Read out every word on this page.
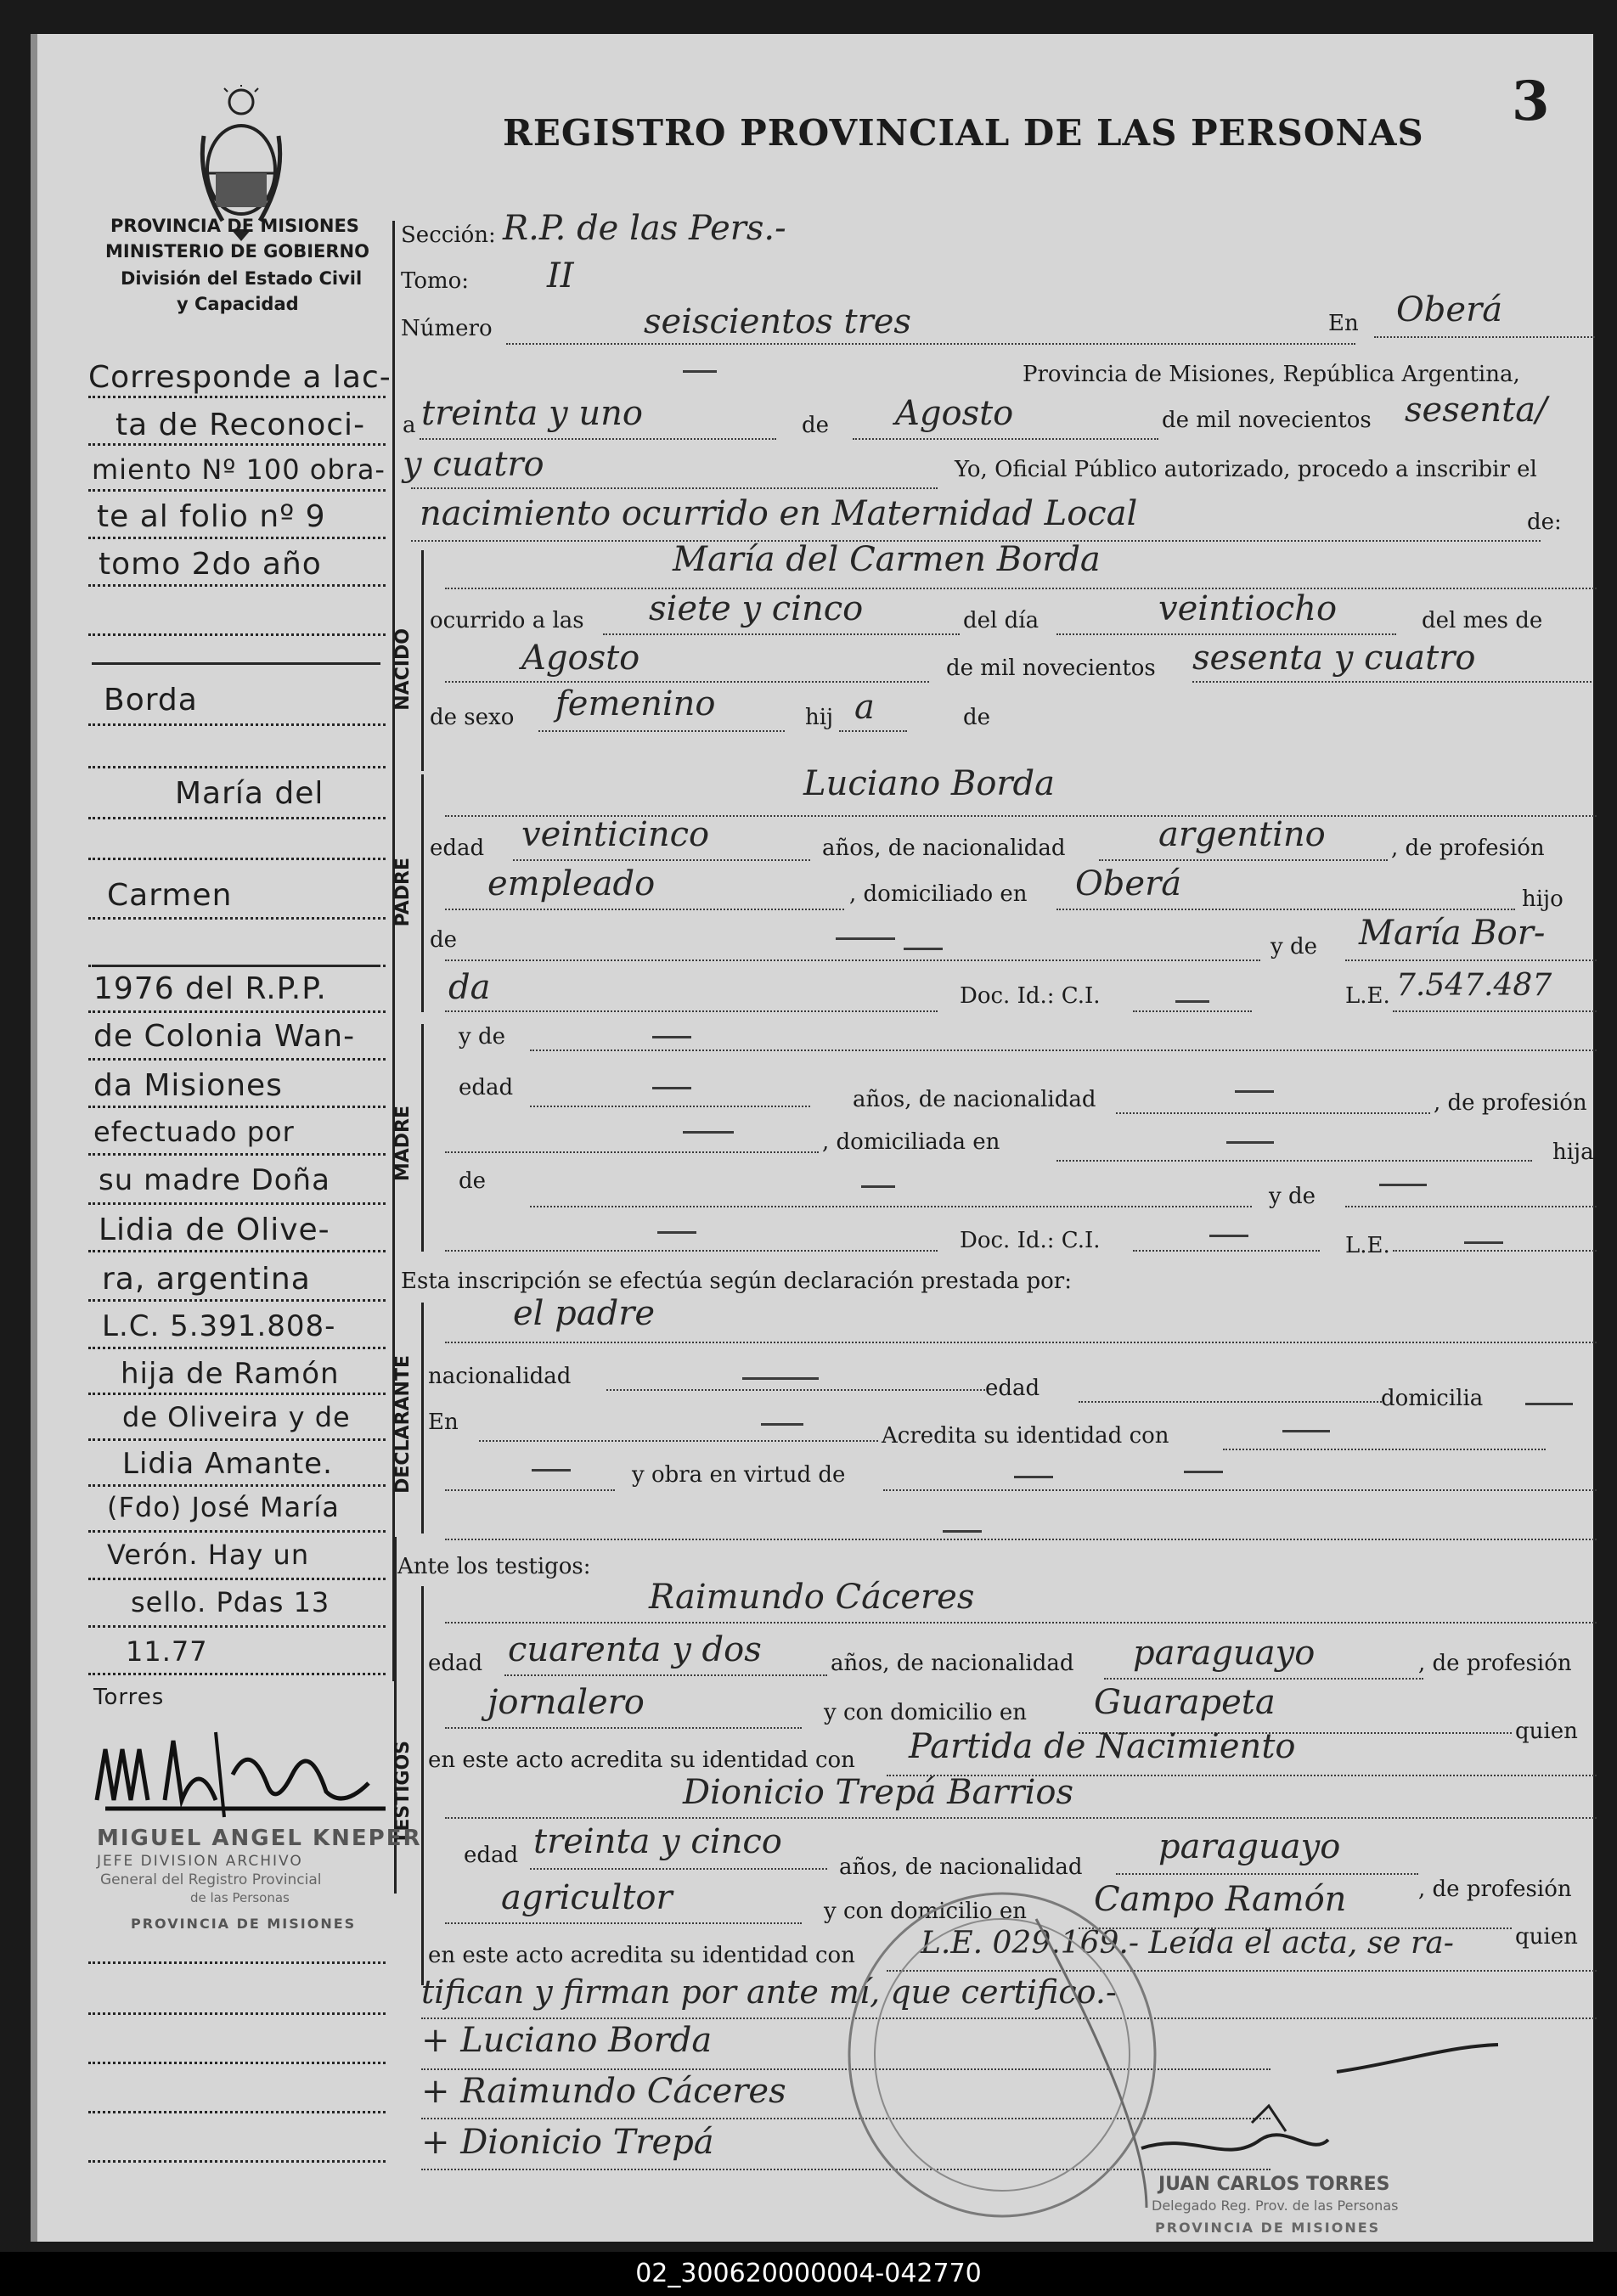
PROVINCIA DE MISIONES
MINISTERIO DE GOBIERNO
División del Estado Civil
y Capacidad
REGISTRO PROVINCIAL DE LAS PERSONAS 3
Sección: R.P. de las Pers.-
Tomo: II
Número	seiscientos tres	En Oberá
Provincia de Misiones, República Argentina,
a treinta y uno	de Agosto	de mil novecientos sesenta/
y cuatro	Yo, Oficial Público autorizado, procedo a inscribir el
nacimiento ocurrido en Maternidad Local	de:
NACIDO
María del Carmen Borda
ocurrido a las siete y cinco	del día	veintiocho	del mes de
Agosto	de mil novecientos sesenta y cuatro
de sexo femenino	hij a	de
PADRE
Luciano Borda
edad veinticinco	años, de nacionalidad	argentino	, de profesión
empleado	, domiciliado en Oberá	hijo
de	y de María Bor-
da	Doc. Id.: C.I.	L.E. 7.547.487
MADRE
y de
edad	años, de nacionalidad	, de profesión
, domiciliada en	hija
de
y de
Doc. Id.: C.I.	L.E.
Esta inscripción se efectúa según declaración prestada por:
DECLARANTE
el padre
nacionalidad	edad	domicilia
En
Acredita su identidad con
y obra en virtud de
Ante los testigos:
TESTIGOS
Raimundo Cáceres
edad cuarenta y dos	años, de nacionalidad paraguayo	, de profesión
jornalero	y con domicilio en Guarapeta
quien
en este acto acredita su identidad con Partida de Nacimiento
Dionicio Trepá Barrios
edad treinta y cinco
años, de nacionalidad
paraguayo
, de profesión
agricultor	y con domicilio en Campo Ramón
quien
en este acto acredita su identidad con L.E. 029.169.- Leída el acta, se ra-
tifican y firman por ante mí, que certifico.-
+ Luciano Borda
+ Raimundo Cáceres
+ Dionicio Trepá
JUAN CARLOS TORRES
Delegado Reg. Prov. de las Personas
PROVINCIA DE MISIONES
Corresponde a lac-
ta de Reconoci-
miento Nº 100 obra-
te al folio nº 9
tomo 2do año
Borda
María del
Carmen
1976 del R.P.P.
de Colonia Wan-
da Misiones
efectuado por
su madre Doña
Lidia de Olive-
ra, argentina
L.C. 5.391.808-
hija de Ramón
de Oliveira y de
Lidia Amante.
(Fdo) José María
Verón. Hay un
sello. Pdas 13
11.77
Torres
MIGUEL ANGEL KNEPER
JEFE DIVISION ARCHIVO
General del Registro Provincial
de las Personas
PROVINCIA DE MISIONES
02_300620000004-042770
